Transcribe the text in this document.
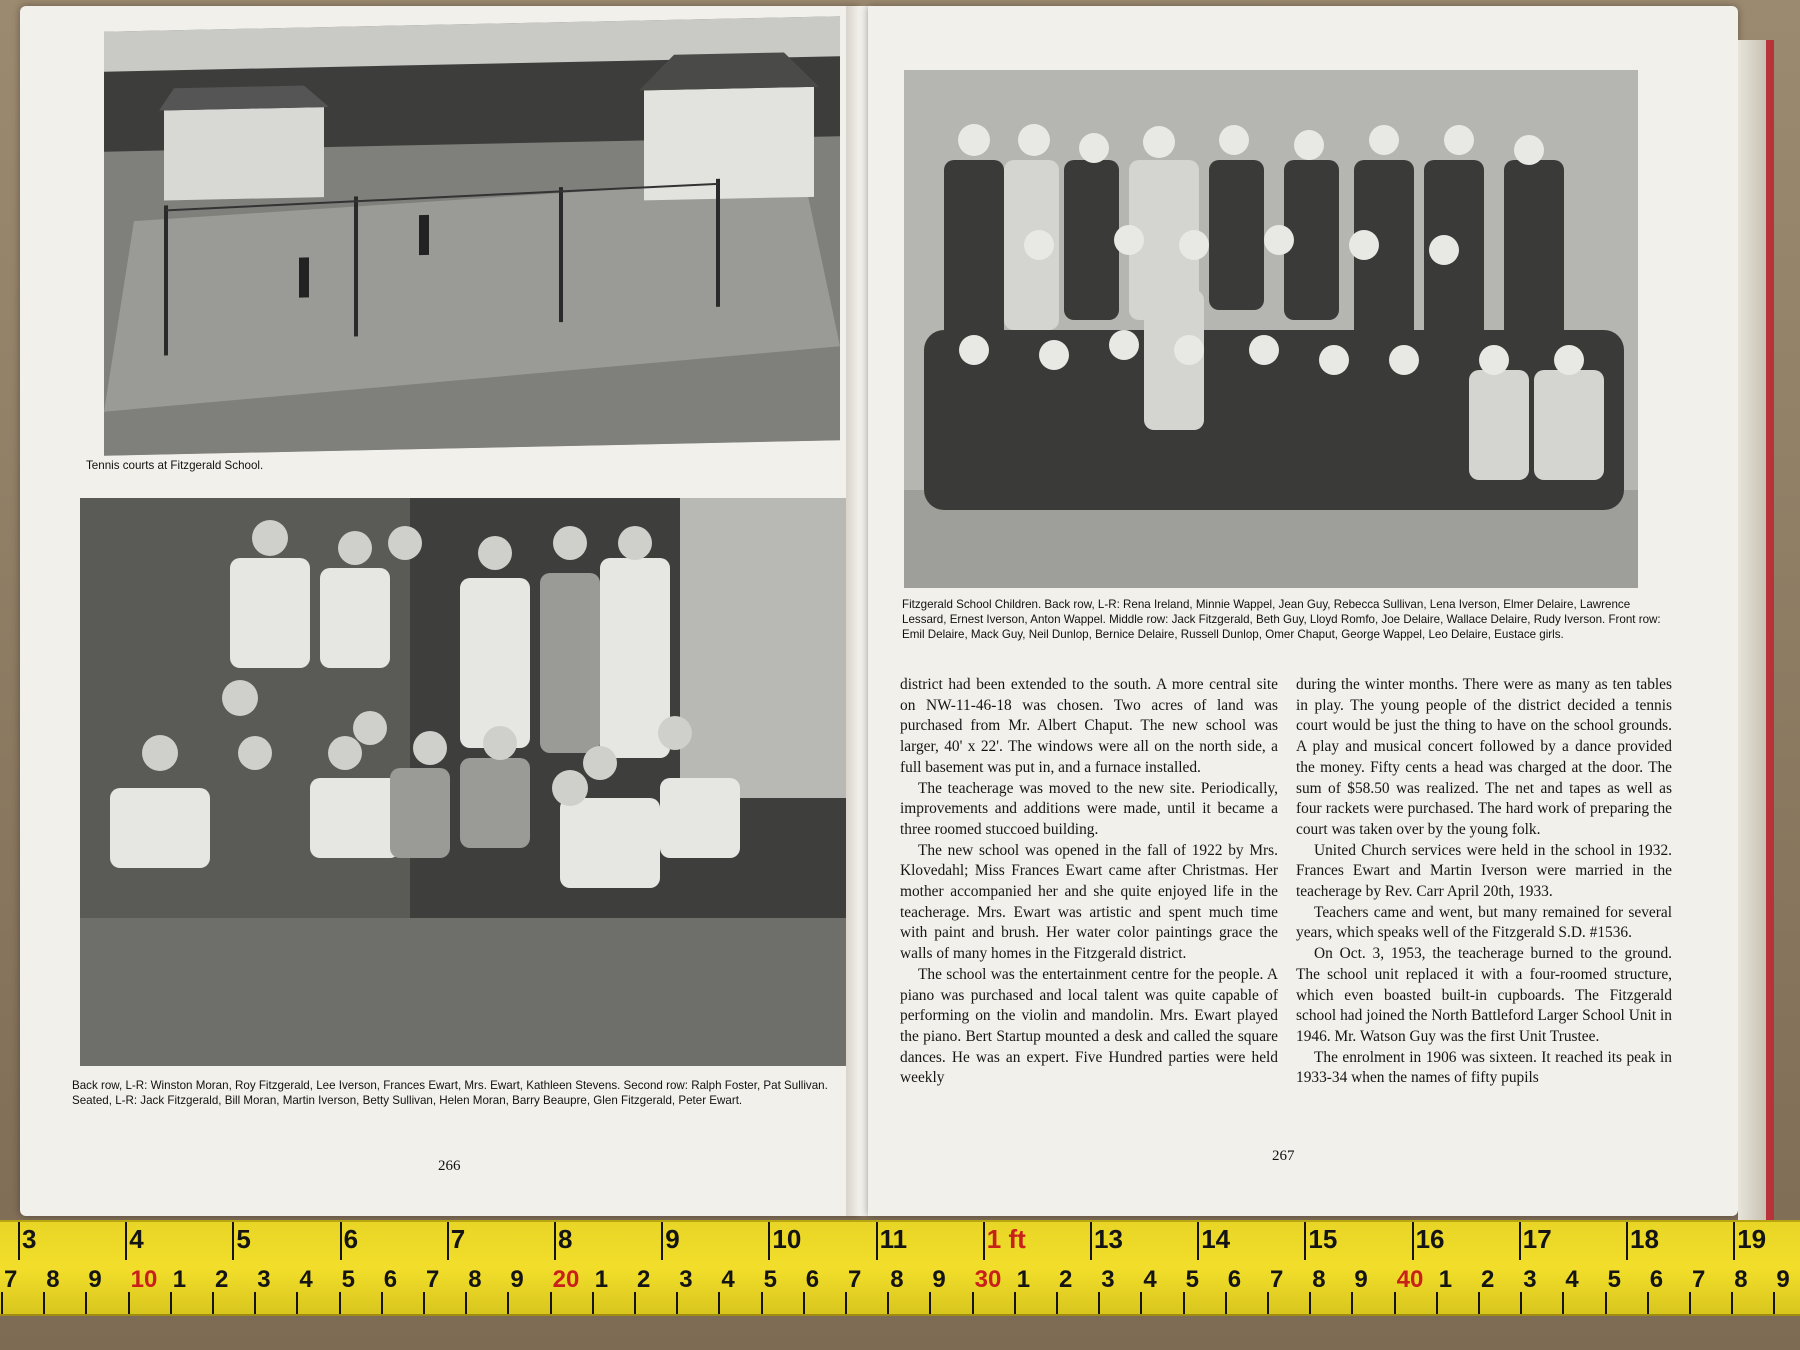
Tennis courts at Fitzgerald School.
Back row, L-R: Winston Moran, Roy Fitzgerald, Lee Iverson, Frances Ewart, Mrs. Ewart, Kathleen Stevens. Second row: Ralph Foster, Pat Sullivan. Seated, L-R: Jack Fitzgerald, Bill Moran, Martin Iverson, Betty Sullivan, Helen Moran, Barry Beaupre, Glen Fitzgerald, Peter Ewart.
266
Fitzgerald School Children. Back row, L-R: Rena Ireland, Minnie Wappel, Jean Guy, Rebecca Sullivan, Lena Iverson, Elmer Delaire, Lawrence Lessard, Ernest Iverson, Anton Wappel. Middle row: Jack Fitzgerald, Beth Guy, Lloyd Romfo, Joe Delaire, Wallace Delaire, Rudy Iverson. Front row: Emil Delaire, Mack Guy, Neil Dunlop, Bernice Delaire, Russell Dunlop, Omer Chaput, George Wappel, Leo Delaire, Eustace girls.

district had been extended to the south. A more central site on NW-11-46-18 was chosen. Two acres of land was purchased from Mr. Albert Chaput. The new school was larger, 40' x 22'. The windows were all on the north side, a full basement was put in, and a furnace installed.

The teacherage was moved to the new site. Periodically, improvements and additions were made, until it became a three roomed stuccoed building.

The new school was opened in the fall of 1922 by Mrs. Klovedahl; Miss Frances Ewart came after Christmas. Her mother accompanied her and she quite enjoyed life in the teacherage. Mrs. Ewart was artistic and spent much time with paint and brush. Her water color paintings grace the walls of many homes in the Fitzgerald district.

The school was the entertainment centre for the people. A piano was purchased and local talent was quite capable of performing on the violin and mandolin. Mrs. Ewart played the piano. Bert Startup mounted a desk and called the square dances. He was an expert. Five Hundred parties were held weekly

during the winter months. There were as many as ten tables in play. The young people of the district decided a tennis court would be just the thing to have on the school grounds. A play and musical concert followed by a dance provided the money. Fifty cents a head was charged at the door. The sum of $58.50 was realized. The net and tapes as well as four rackets were purchased. The hard work of preparing the court was taken over by the young folk.

United Church services were held in the school in 1932. Frances Ewart and Martin Iverson were married in the teacherage by Rev. Carr April 20th, 1933.

Teachers came and went, but many remained for several years, which speaks well of the Fitzgerald S.D. #1536.

On Oct. 3, 1953, the teacherage burned to the ground. The school unit replaced it with a four-roomed structure, which even boasted built-in cupboards. The Fitzgerald school had joined the North Battleford Larger School Unit in 1946. Mr. Watson Guy was the first Unit Trustee.

The enrolment in 1906 was sixteen. It reached its peak in 1933-34 when the names of fifty pupils

267
3	4	5	6	7	8	9	10	11	1 ft	13	14	15	16	17	18	19
7 8 9 10 1 2 3 4 5 6 7 8 9 20 1 2 3 4 5 6 7 8 9 30 1 2 3 4 5 6 7 8 9 40 1 2 3 4 5 6 7 8 9
